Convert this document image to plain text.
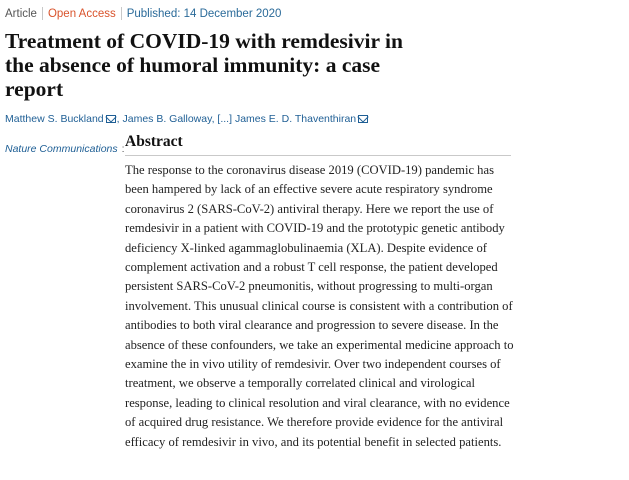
Article Open Access Published: 14 December 2020
Treatment of COVID-19 with remdesivir in the absence of humoral immunity: a case report
Matthew S. Buckland , James B. Galloway, [...] James E. D. Thaventhiran
Nature Communications : Abstract

The response to the coronavirus disease 2019 (COVID-19) pandemic has been hampered by lack of an effective severe acute respiratory syndrome coronavirus 2 (SARS-CoV-2) antiviral therapy. Here we report the use of remdesivir in a patient with COVID-19 and the prototypic genetic antibody deficiency X-linked agammaglobulinaemia (XLA). Despite evidence of complement activation and a robust T cell response, the patient developed persistent SARS-CoV-2 pneumonitis, without progressing to multi-organ involvement. This unusual clinical course is consistent with a contribution of antibodies to both viral clearance and progression to severe disease. In the absence of these confounders, we take an experimental medicine approach to examine the in vivo utility of remdesivir. Over two independent courses of treatment, we observe a temporally correlated clinical and virological response, leading to clinical resolution and viral clearance, with no evidence of acquired drug resistance. We therefore provide evidence for the antiviral efficacy of remdesivir in vivo, and its potential benefit in selected patients.
